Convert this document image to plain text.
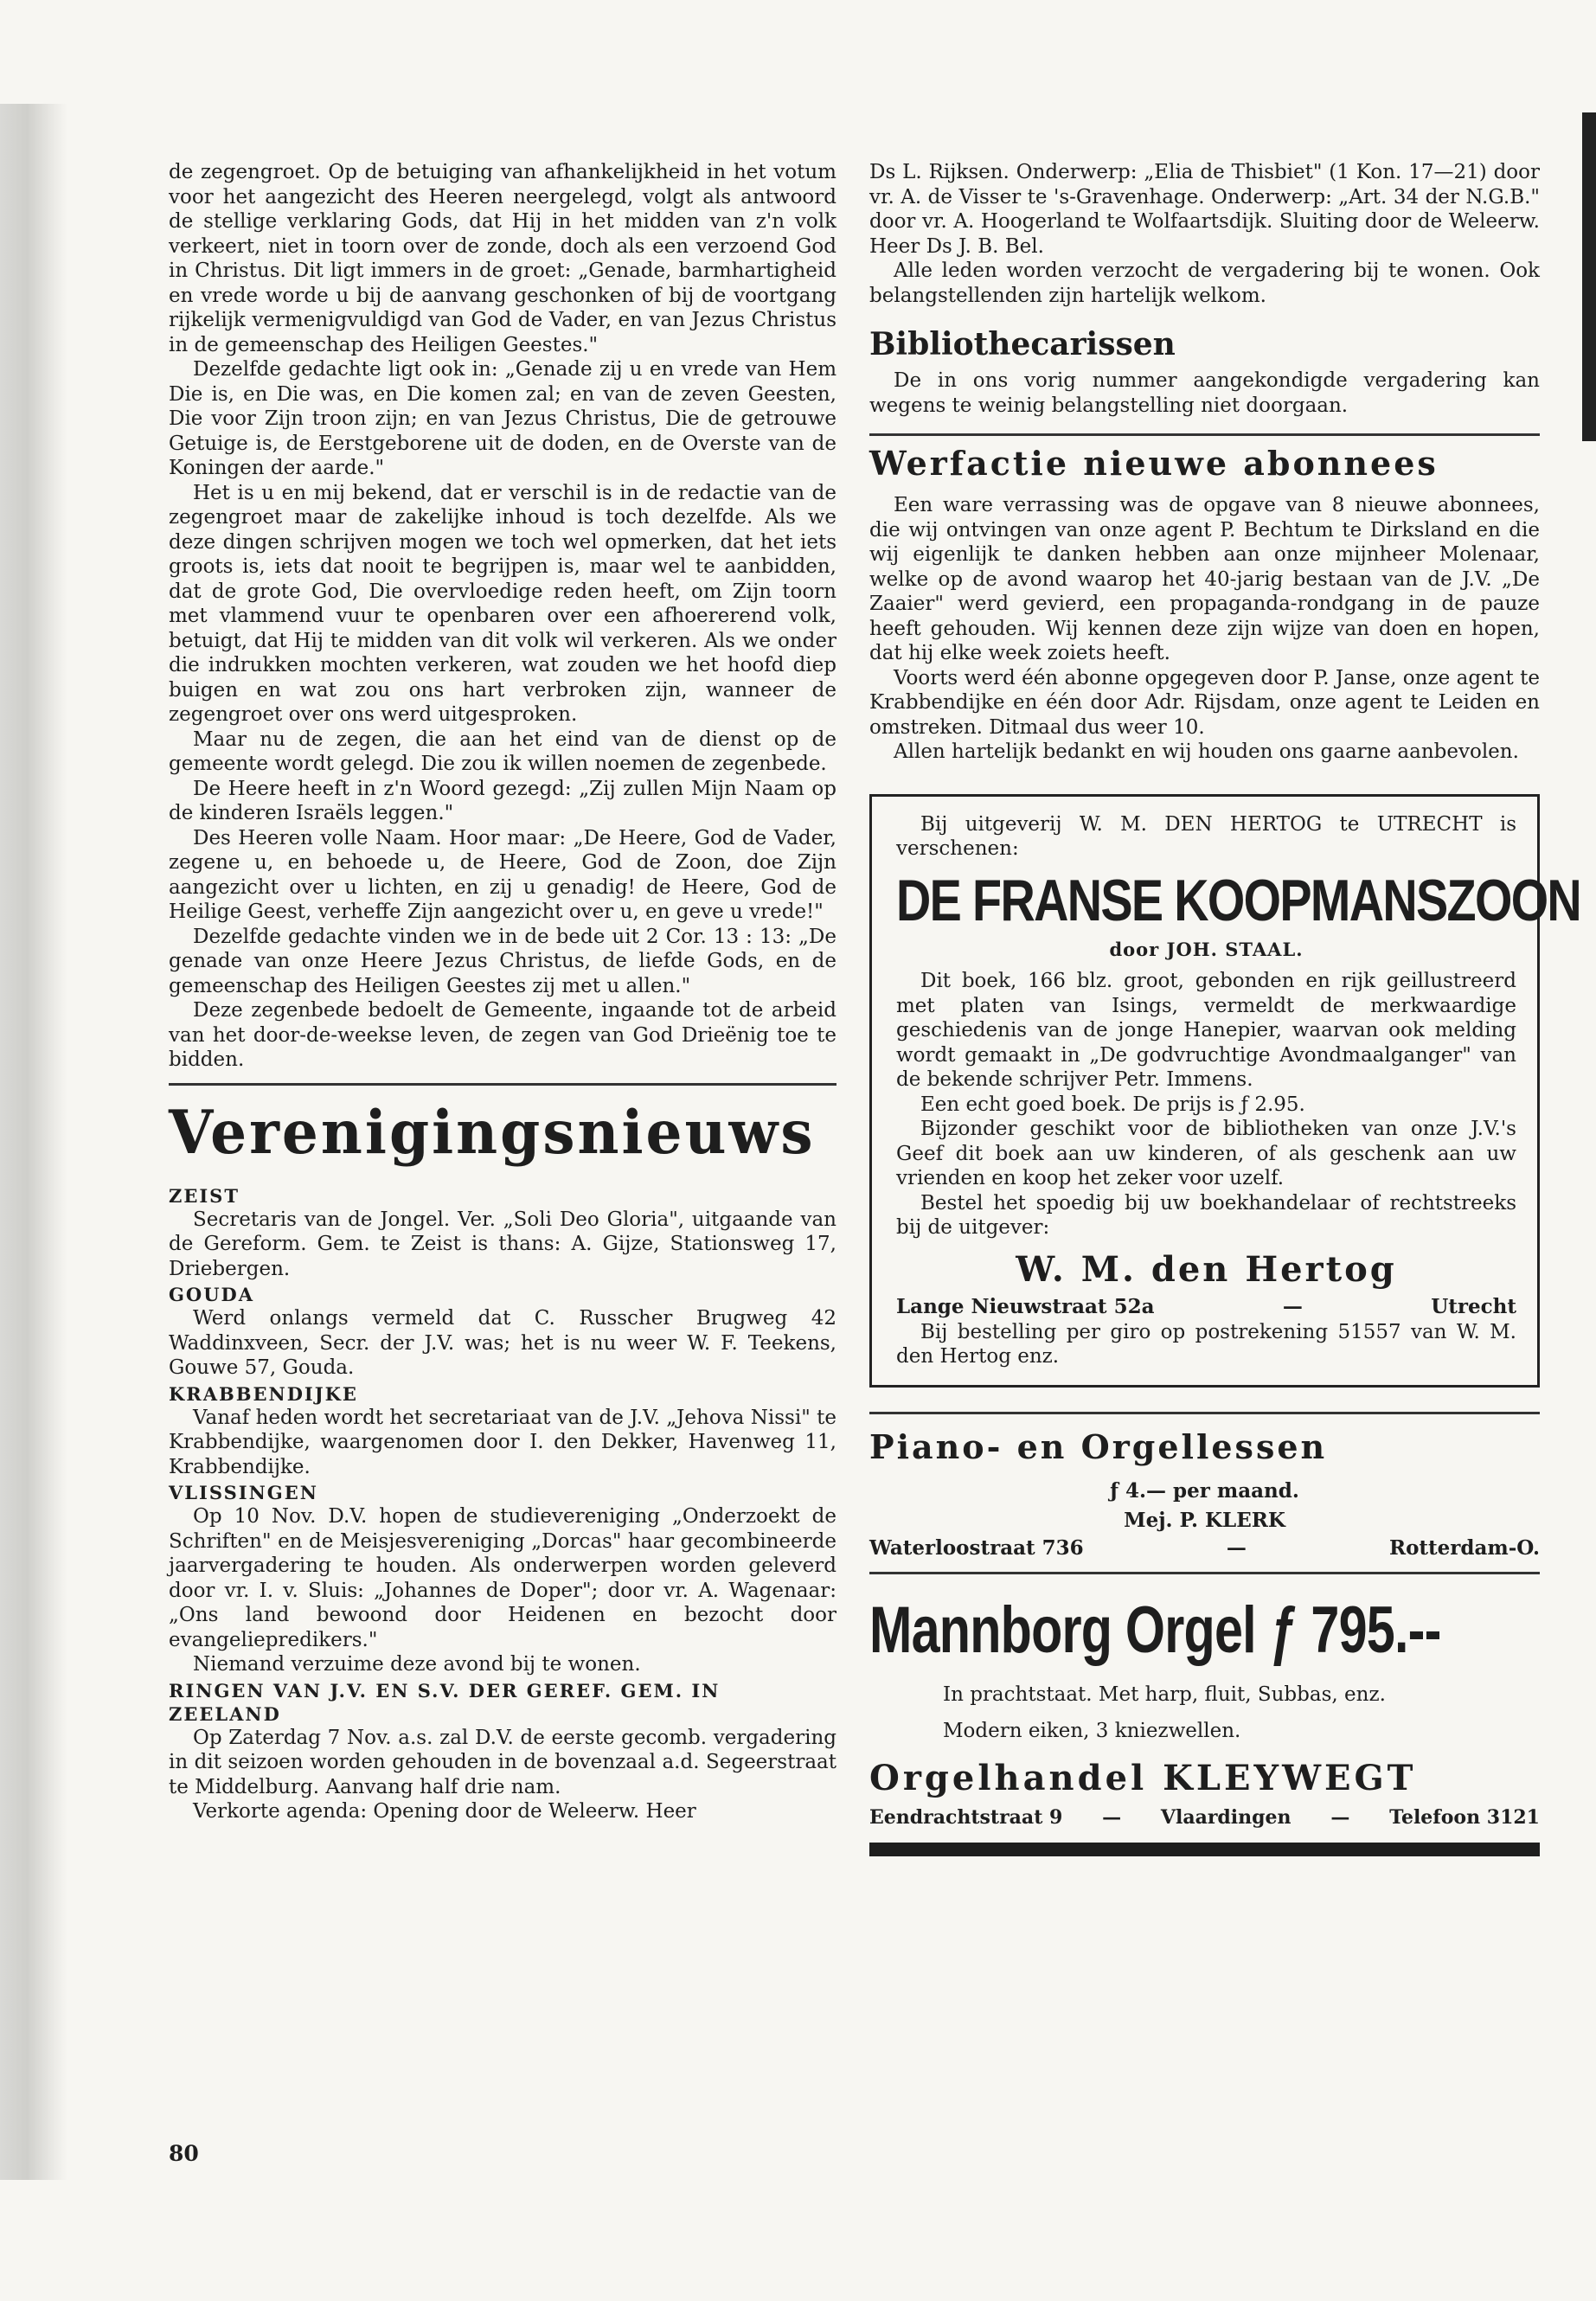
de zegengroet. Op de betuiging van afhankelijkheid in het votum voor het aangezicht des Heeren neergelegd, volgt als antwoord de stellige verklaring Gods, dat Hij in het midden van z'n volk verkeert, niet in toorn over de zonde, doch als een verzoend God in Christus. Dit ligt immers in de groet: „Genade, barmhartigheid en vrede worde u bij de aanvang geschonken of bij de voortgang rijkelijk vermenigvuldigd van God de Vader, en van Jezus Christus in de gemeenschap des Heiligen Geestes."

Dezelfde gedachte ligt ook in: „Genade zij u en vrede van Hem Die is, en Die was, en Die komen zal; en van de zeven Geesten, Die voor Zijn troon zijn; en van Jezus Christus, Die de getrouwe Getuige is, de Eerstgeborene uit de doden, en de Overste van de Koningen der aarde."

Het is u en mij bekend, dat er verschil is in de redactie van de zegengroet maar de zakelijke inhoud is toch dezelfde. Als we deze dingen schrijven mogen we toch wel opmerken, dat het iets groots is, iets dat nooit te begrijpen is, maar wel te aanbidden, dat de grote God, Die overvloedige reden heeft, om Zijn toorn met vlammend vuur te openbaren over een afhoererend volk, betuigt, dat Hij te midden van dit volk wil verkeren. Als we onder die indrukken mochten verkeren, wat zouden we het hoofd diep buigen en wat zou ons hart verbroken zijn, wanneer de zegengroet over ons werd uitgesproken.

Maar nu de zegen, die aan het eind van de dienst op de gemeente wordt gelegd. Die zou ik willen noemen de zegenbede.

De Heere heeft in z'n Woord gezegd: „Zij zullen Mijn Naam op de kinderen Israëls leggen."

Des Heeren volle Naam. Hoor maar: „De Heere, God de Vader, zegene u, en behoede u, de Heere, God de Zoon, doe Zijn aangezicht over u lichten, en zij u genadig! de Heere, God de Heilige Geest, verheffe Zijn aangezicht over u, en geve u vrede!"

Dezelfde gedachte vinden we in de bede uit 2 Cor. 13 : 13: „De genade van onze Heere Jezus Christus, de liefde Gods, en de gemeenschap des Heiligen Geestes zij met u allen."

Deze zegenbede bedoelt de Gemeente, ingaande tot de arbeid van het door-de-weekse leven, de zegen van God Drieënig toe te bidden.

Verenigingsnieuws
ZEIST

Secretaris van de Jongel. Ver. „Soli Deo Gloria", uitgaande van de Gereform. Gem. te Zeist is thans: A. Gijze, Stationsweg 17, Driebergen.

GOUDA

Werd onlangs vermeld dat C. Russcher Brugweg 42 Waddinxveen, Secr. der J.V. was; het is nu weer W. F. Teekens, Gouwe 57, Gouda.

KRABBENDIJKE

Vanaf heden wordt het secretariaat van de J.V. „Jehova Nissi" te Krabbendijke, waargenomen door I. den Dekker, Havenweg 11, Krabbendijke.

VLISSINGEN

Op 10 Nov. D.V. hopen de studievereniging „Onderzoekt de Schriften" en de Meisjesvereniging „Dorcas" haar gecombineerde jaarvergadering te houden. Als onderwerpen worden geleverd door vr. I. v. Sluis: „Johannes de Doper"; door vr. A. Wagenaar: „Ons land bewoond door Heidenen en bezocht door evangeliepredikers."

Niemand verzuime deze avond bij te wonen.

RINGEN VAN J.V. EN S.V. DER GEREF. GEM. IN ZEELAND

Op Zaterdag 7 Nov. a.s. zal D.V. de eerste gecomb. vergadering in dit seizoen worden gehouden in de bovenzaal a.d. Segeerstraat te Middelburg. Aanvang half drie nam.

Verkorte agenda: Opening door de Weleerw. Heer

Ds L. Rijksen. Onderwerp: „Elia de Thisbiet" (1 Kon. 17—21) door vr. A. de Visser te 's-Gravenhage. Onderwerp: „Art. 34 der N.G.B." door vr. A. Hoogerland te Wolfaartsdijk. Sluiting door de Weleerw. Heer Ds J. B. Bel.

Alle leden worden verzocht de vergadering bij te wonen. Ook belangstellenden zijn hartelijk welkom.

Bibliothecarissen

De in ons vorig nummer aangekondigde vergadering kan wegens te weinig belangstelling niet doorgaan.

Werfactie nieuwe abonnees

Een ware verrassing was de opgave van 8 nieuwe abonnees, die wij ontvingen van onze agent P. Bechtum te Dirksland en die wij eigenlijk te danken hebben aan onze mijnheer Molenaar, welke op de avond waarop het 40-jarig bestaan van de J.V. „De Zaaier" werd gevierd, een propaganda-rondgang in de pauze heeft gehouden. Wij kennen deze zijn wijze van doen en hopen, dat hij elke week zoiets heeft.

Voorts werd één abonne opgegeven door P. Janse, onze agent te Krabbendijke en één door Adr. Rijsdam, onze agent te Leiden en omstreken. Ditmaal dus weer 10.

Allen hartelijk bedankt en wij houden ons gaarne aanbevolen.

Bij uitgeverij W. M. DEN HERTOG te UTRECHT is verschenen:

DE FRANSE KOOPMANSZOON
door JOH. STAAL.

Dit boek, 166 blz. groot, gebonden en rijk geillustreerd met platen van Isings, vermeldt de merkwaardige geschiedenis van de jonge Hanepier, waarvan ook melding wordt gemaakt in „De godvruchtige Avondmaalganger" van de bekende schrijver Petr. Immens.

Een echt goed boek. De prijs is ƒ 2.95.

Bijzonder geschikt voor de bibliotheken van onze J.V.'s Geef dit boek aan uw kinderen, of als geschenk aan uw vrienden en koop het zeker voor uzelf.

Bestel het spoedig bij uw boekhandelaar of rechtstreeks bij de uitgever:

W. M. den Hertog
Lange Nieuwstraat 52a	—	Utrecht

Bij bestelling per giro op postrekening 51557 van W. M. den Hertog enz.

Piano- en Orgellessen
ƒ 4.— per maand.
Mej. P. KLERK
Waterloostraat 736	—	Rotterdam-O.
Mannborg Orgel ƒ 795.--
In prachtstaat. Met harp, fluit, Subbas, enz.
Modern eiken, 3 kniezwellen.
Orgelhandel KLEYWEGT
Eendrachtstraat 9 — Vlaardingen — Telefoon 3121
80
